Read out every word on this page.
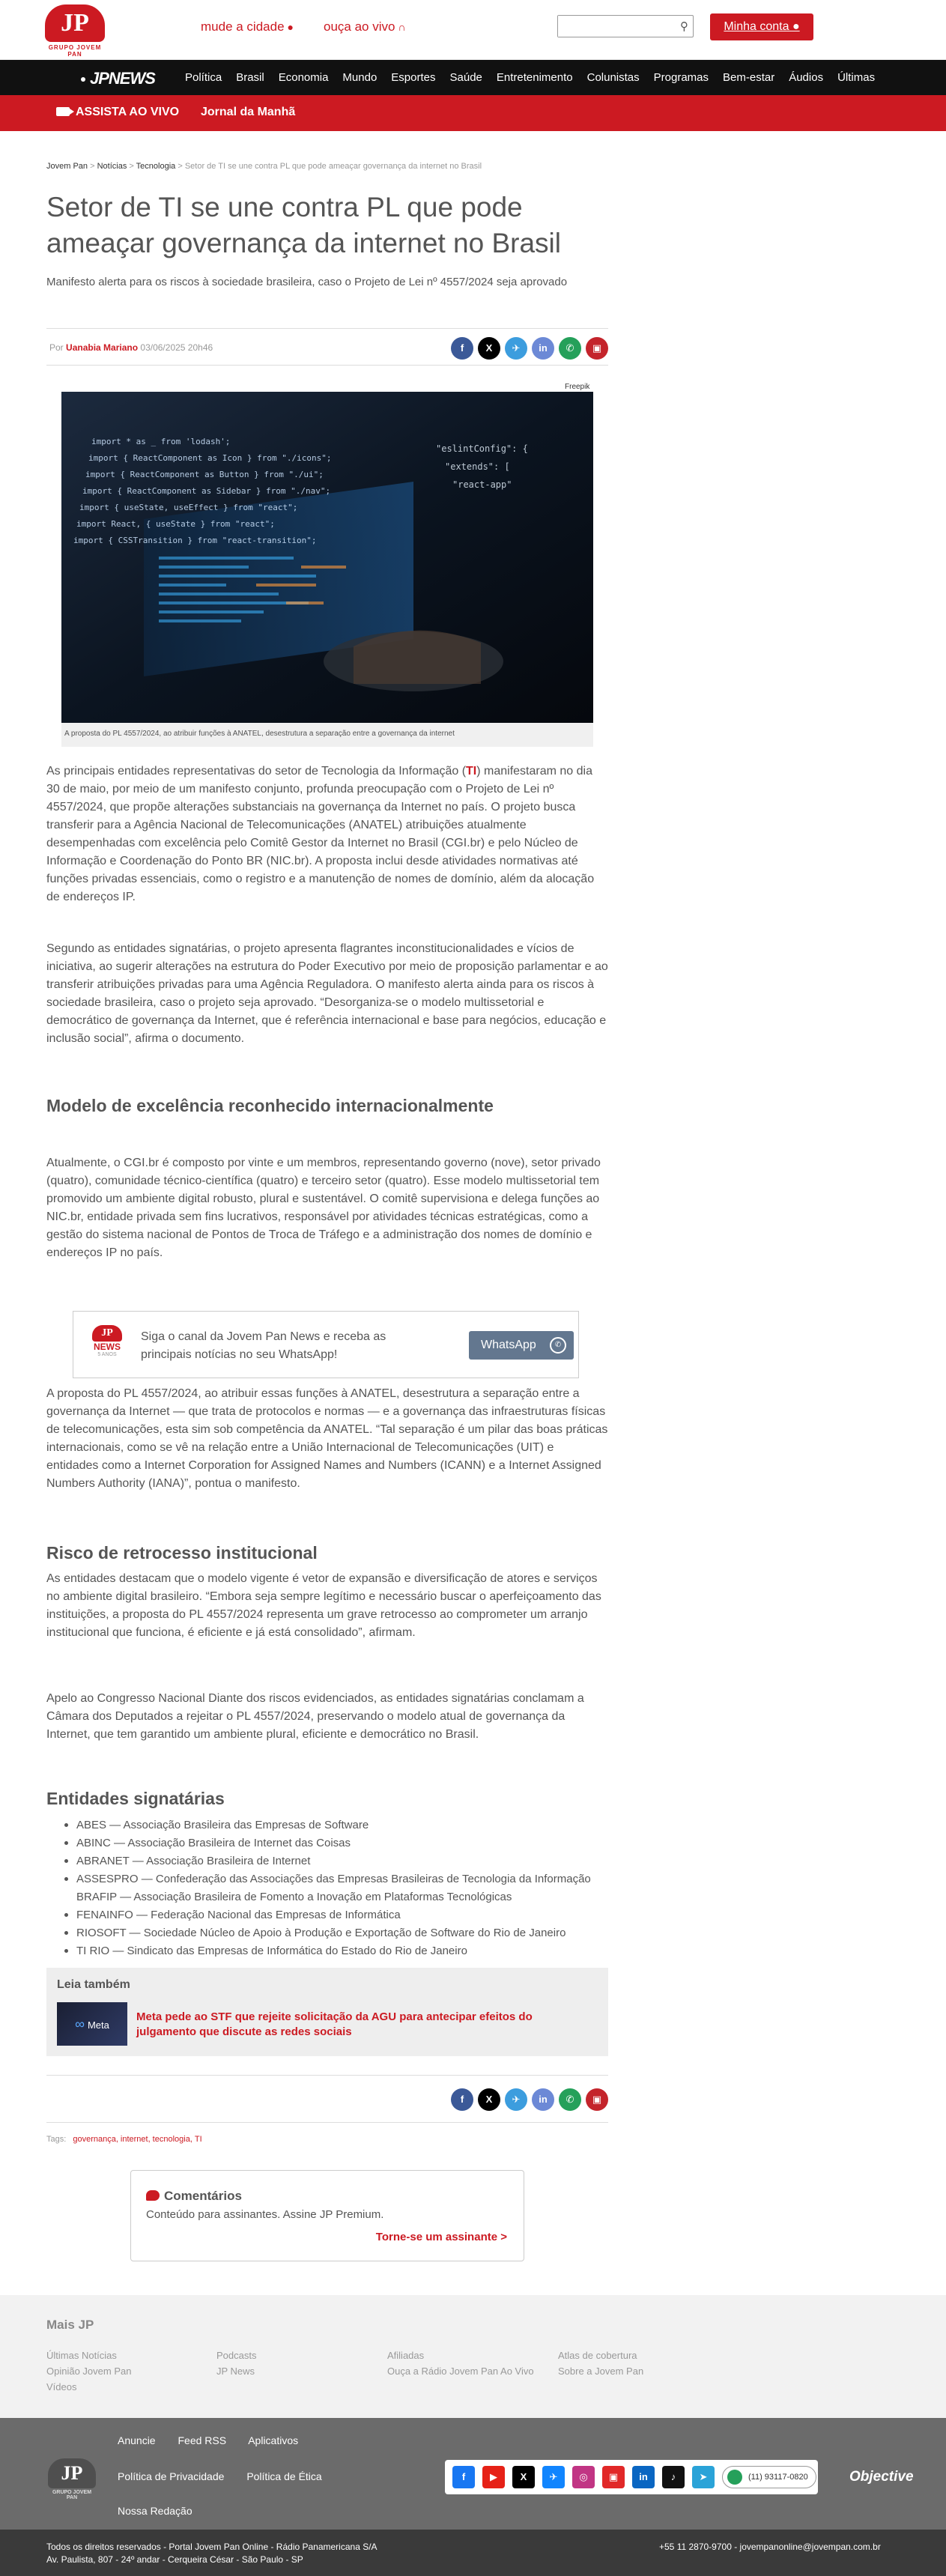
JP
GRUPO JOVEM PAN
mude a cidade ● ouça ao vivo ∩	⚲	Minha conta ●
JPNEWS	Política Brasil Economia Mundo Esportes Saúde Entretenimento Colunistas Programas Bem-estar Áudios Últimas
ASSISTA AO VIVO Jornal da Manhã
Jovem Pan > Notícias > Tecnologia > Setor de TI se une contra PL que pode ameaçar governança da internet no Brasil
Setor de TI se une contra PL que pode ameaçar governança da internet no Brasil
Manifesto alerta para os riscos à sociedade brasileira, caso o Projeto de Lei nº 4557/2024 seja aprovado
Por Uanabia Mariano 03/06/2025 20h46	f	X	✈	in	✆	▣
Freepik
import * as _ from 'lodash';
import { ReactComponent as Icon } from "./icons";
import { ReactComponent as Button } from "./ui";
import { ReactComponent as Sidebar } from "./nav";
import { useState, useEffect } from "react";
import React, { useState } from "react";
import { CSSTransition } from "react-transition";
"eslintConfig": {
"extends": [
"react-app"
A proposta do PL 4557/2024, ao atribuir funções à ANATEL, desestrutura a separação entre a governança da internet

As principais entidades representativas do setor de Tecnologia da Informação (TI) manifestaram no dia 30 de maio, por meio de um manifesto conjunto, profunda preocupação com o Projeto de Lei nº 4557/2024, que propõe alterações substanciais na governança da Internet no país. O projeto busca transferir para a Agência Nacional de Telecomunicações (ANATEL) atribuições atualmente desempenhadas com excelência pelo Comitê Gestor da Internet no Brasil (CGI.br) e pelo Núcleo de Informação e Coordenação do Ponto BR (NIC.br). A proposta inclui desde atividades normativas até funções privadas essenciais, como o registro e a manutenção de nomes de domínio, além da alocação de endereços IP.

Segundo as entidades signatárias, o projeto apresenta flagrantes inconstitucionalidades e vícios de iniciativa, ao sugerir alterações na estrutura do Poder Executivo por meio de proposição parlamentar e ao transferir atribuições privadas para uma Agência Reguladora. O manifesto alerta ainda para os riscos à sociedade brasileira, caso o projeto seja aprovado. “Desorganiza-se o modelo multissetorial e democrático de governança da Internet, que é referência internacional e base para negócios, educação e inclusão social”, afirma o documento.

Modelo de excelência reconhecido internacionalmente

Atualmente, o CGI.br é composto por vinte e um membros, representando governo (nove), setor privado (quatro), comunidade técnico-científica (quatro) e terceiro setor (quatro). Esse modelo multissetorial tem promovido um ambiente digital robusto, plural e sustentável. O comitê supervisiona e delega funções ao NIC.br, entidade privada sem fins lucrativos, responsável por atividades técnicas estratégicas, como a gestão do sistema nacional de Pontos de Troca de Tráfego e a administração dos nomes de domínio e endereços IP no país.

JP
NEWS
5 ANOS
Siga o canal da Jovem Pan News e receba as principais notícias no seu WhatsApp!
WhatsApp	✆

A proposta do PL 4557/2024, ao atribuir essas funções à ANATEL, desestrutura a separação entre a governança da Internet — que trata de protocolos e normas — e a governança das infraestruturas físicas de telecomunicações, esta sim sob competência da ANATEL. “Tal separação é um pilar das boas práticas internacionais, como se vê na relação entre a União Internacional de Telecomunicações (UIT) e entidades como a Internet Corporation for Assigned Names and Numbers (ICANN) e a Internet Assigned Numbers Authority (IANA)”, pontua o manifesto.

Risco de retrocesso institucional

As entidades destacam que o modelo vigente é vetor de expansão e diversificação de atores e serviços no ambiente digital brasileiro. “Embora seja sempre legítimo e necessário buscar o aperfeiçoamento das instituições, a proposta do PL 4557/2024 representa um grave retrocesso ao comprometer um arranjo institucional que funciona, é eficiente e já está consolidado”, afirmam.

Apelo ao Congresso Nacional Diante dos riscos evidenciados, as entidades signatárias conclamam a Câmara dos Deputados a rejeitar o PL 4557/2024, preservando o modelo atual de governança da Internet, que tem garantido um ambiente plural, eficiente e democrático no Brasil.

Entidades signatárias
ABES — Associação Brasileira das Empresas de Software
ABINC — Associação Brasileira de Internet das Coisas
ABRANET — Associação Brasileira de Internet
ASSESPRO — Confederação das Associações das Empresas Brasileiras de Tecnologia da Informação BRAFIP — Associação Brasileira de Fomento a Inovação em Plataformas Tecnológicas
FENAINFO — Federação Nacional das Empresas de Informática
RIOSOFT — Sociedade Núcleo de Apoio à Produção e Exportação de Software do Rio de Janeiro
TI RIO — Sindicato das Empresas de Informática do Estado do Rio de Janeiro
Leia também
∞ Meta
Meta pede ao STF que rejeite solicitação da AGU para antecipar efeitos do julgamento que discute as redes sociais
f	X	✈	in	✆	▣
Tags: governança, internet, tecnologia, TI
Comentários
Conteúdo para assinantes. Assine JP Premium.
Torne-se um assinante >
Mais JP
Últimas Notícias
Opinião Jovem Pan
Vídeos
Podcasts
JP News
Afiliadas
Ouça a Rádio Jovem Pan Ao Vivo
Atlas de cobertura
Sobre a Jovem Pan
JP
GRUPO JOVEM PAN
Anuncie Feed RSS Aplicativos
Política de Privacidade Política de Ética
Nossa Redação
f	▶	X	✈	◎	▣	in	♪	➤	(11) 93117-0820	Objective
Todos os direitos reservados - Portal Jovem Pan Online - Rádio Panamericana S/A
Av. Paulista, 807 - 24º andar - Cerqueira César - São Paulo - SP
+55 11 2870-9700 - jovempanonline@jovempan.com.br
